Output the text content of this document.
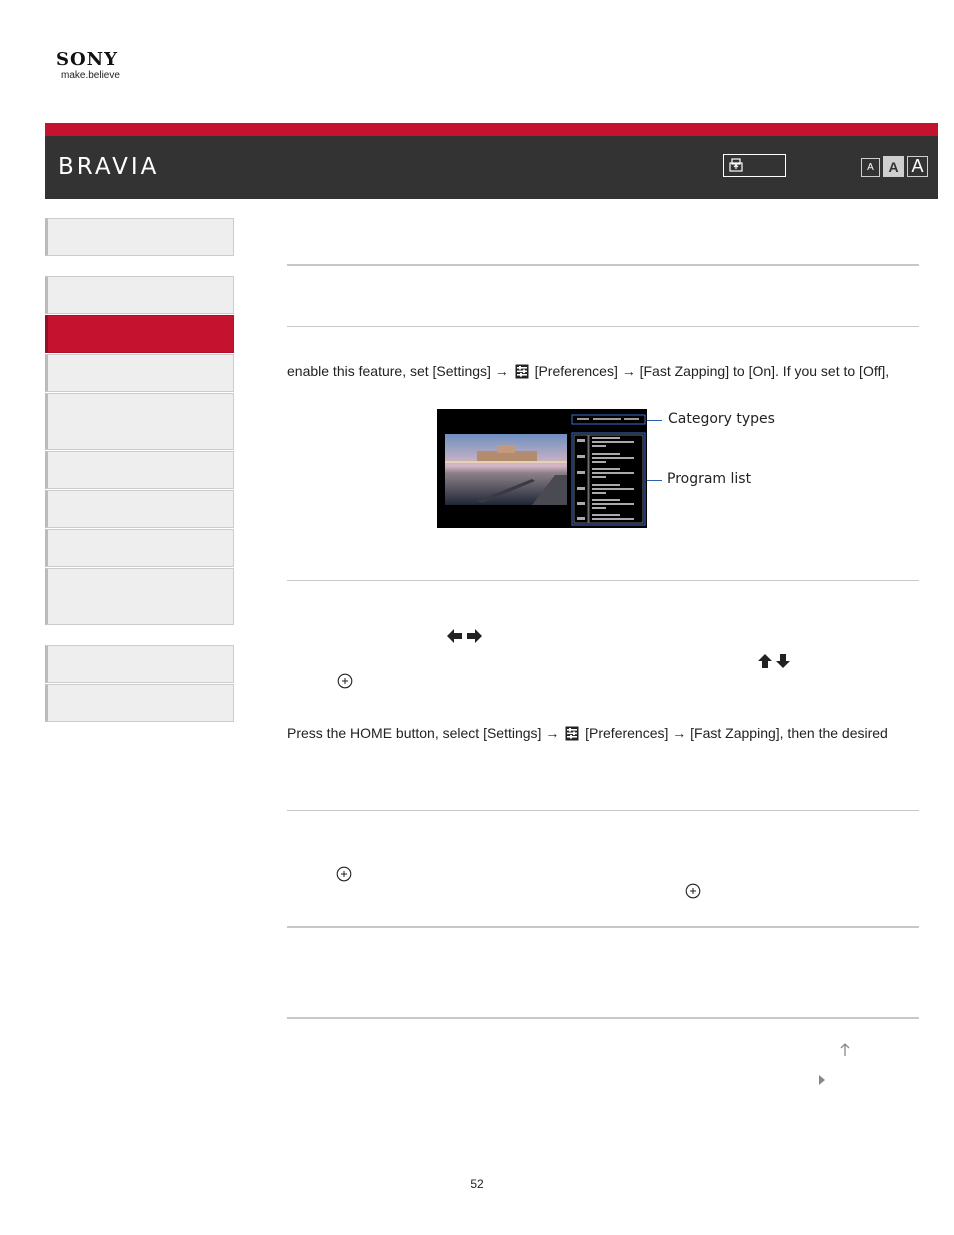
SONY
make.believe
BRAVIA	A	A A
enable this feature, set [Settings] → [Preferences] → [Fast Zapping] to [On]. If you set to [Off],
Category types
Program list
Press the HOME button, select [Settings] → [Preferences] → [Fast Zapping], then the desired
52
